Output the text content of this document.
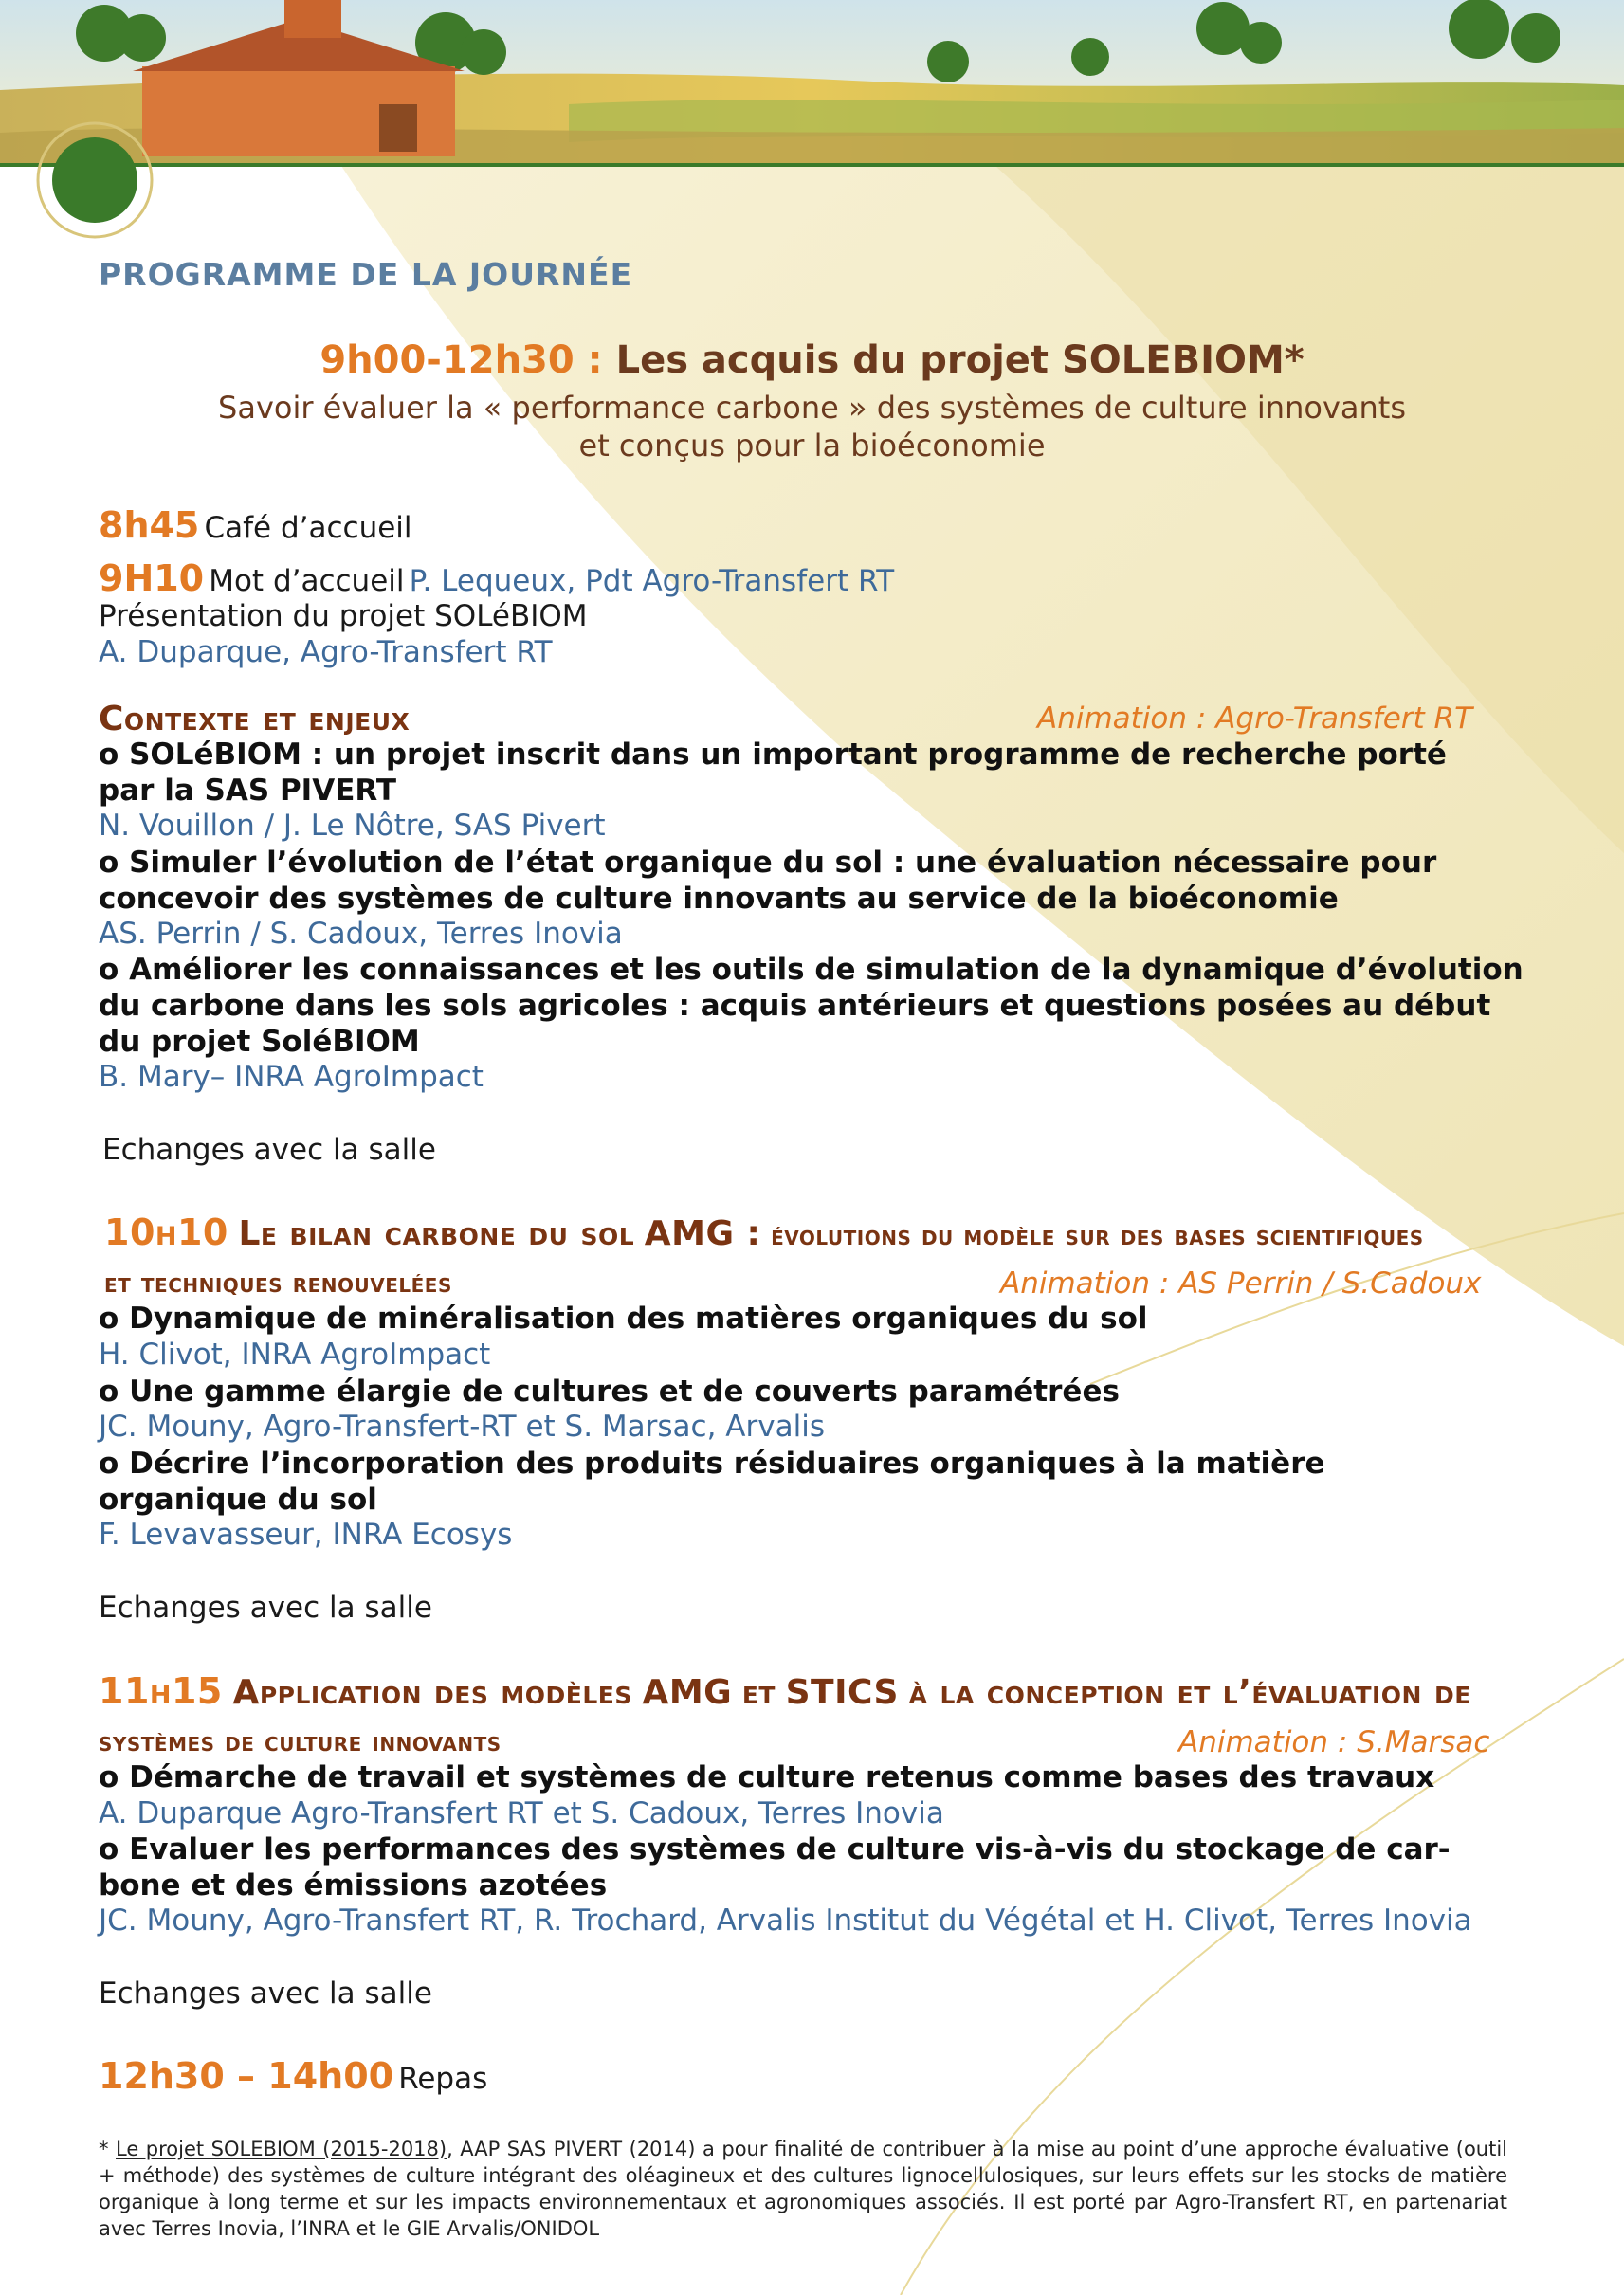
PROGRAMME DE LA JOURNÉE
9h00-12h30 : Les acquis du projet SOLEBIOM*
Savoir évaluer la « performance carbone » des systèmes de culture innovants
et conçus pour la bioéconomie
8h45 Café d’accueil
9H10 Mot d’accueil P. Lequeux, Pdt Agro-Transfert RT
Présentation du projet SOLéBIOM
A. Duparque, Agro-Transfert RT
Contexte et enjeux	Animation : Agro-Transfert RT
o SOLéBIOM : un projet inscrit dans un important programme de recherche porté
par la SAS PIVERT
N. Vouillon / J. Le Nôtre, SAS Pivert
o Simuler l’évolution de l’état organique du sol : une évaluation nécessaire pour
concevoir des systèmes de culture innovants au service de la bioéconomie
AS. Perrin / S. Cadoux, Terres Inovia
o Améliorer les connaissances et les outils de simulation de la dynamique d’évolution
du carbone dans les sols agricoles : acquis antérieurs et questions posées au début
du projet SoléBIOM
B. Mary– INRA AgroImpact
Echanges avec la salle
10h10 Le bilan carbone du sol AMG : évolutions du modèle sur des bases scientifiques
et techniques renouvelées	Animation : AS Perrin / S.Cadoux
o Dynamique de minéralisation des matières organiques du sol
H. Clivot, INRA AgroImpact
o Une gamme élargie de cultures et de couverts paramétrées
JC. Mouny, Agro-Transfert-RT et S. Marsac, Arvalis
o Décrire l’incorporation des produits résiduaires organiques à la matière
organique du sol
F. Levavasseur, INRA Ecosys
Echanges avec la salle
11h15 Application des modèles AMG et STICS à la conception et l’évaluation de
systèmes de culture innovants	Animation : S.Marsac
o Démarche de travail et systèmes de culture retenus comme bases des travaux
A. Duparque Agro-Transfert RT et S. Cadoux, Terres Inovia
o Evaluer les performances des systèmes de culture vis-à-vis du stockage de car-
bone et des émissions azotées
JC. Mouny, Agro-Transfert RT, R. Trochard, Arvalis Institut du Végétal et H. Clivot, Terres Inovia
Echanges avec la salle
12h30 – 14h00 Repas
* Le projet SOLEBIOM (2015-2018), AAP SAS PIVERT (2014) a pour finalité de contribuer à la mise au point d’une approche évaluative (outil + méthode) des systèmes de culture intégrant des oléagineux et des cultures lignocellulosiques, sur leurs effets sur les stocks de matière organique à long terme et sur les impacts environnementaux et agronomiques associés. Il est porté par Agro-Transfert RT, en partenariat avec Terres Inovia, l’INRA et le GIE Arvalis/ONIDOL
